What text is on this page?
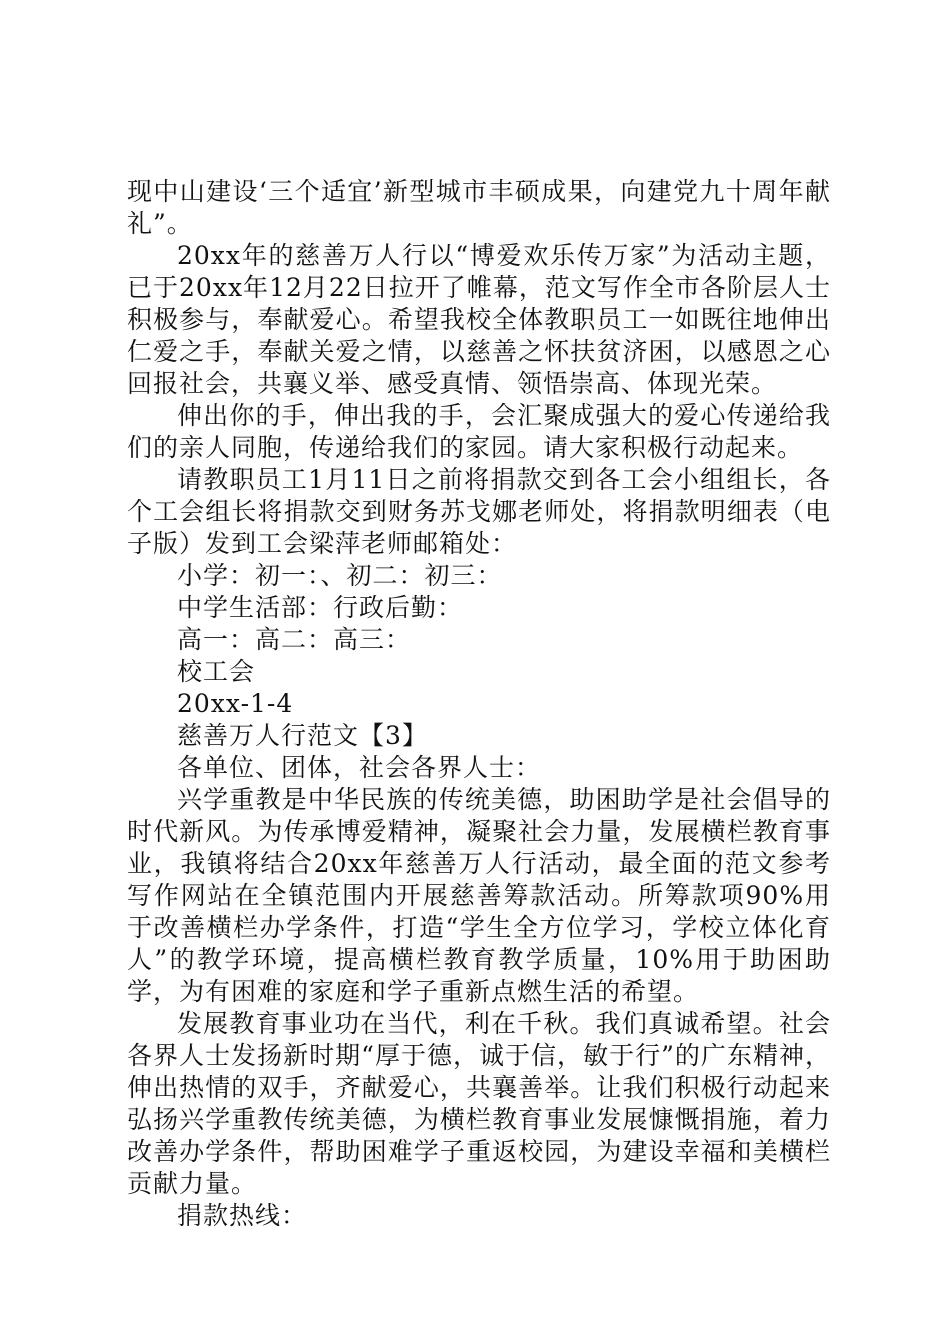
现中山建设‘三个适宜’新型城市丰硕成果，向建党九十周年献礼”。

20xx年的慈善万人行以“博爱欢乐传万家”为活动主题，已于20xx年12月22日拉开了帷幕，范文写作全市各阶层人士积极参与，奉献爱心。希望我校全体教职员工一如既往地伸出仁爱之手，奉献关爱之情，以慈善之怀扶贫济困，以感恩之心回报社会，共襄义举、感受真情、领悟崇高、体现光荣。

伸出你的手，伸出我的手，会汇聚成强大的爱心传递给我们的亲人同胞，传递给我们的家园。请大家积极行动起来。

请教职员工1月11日之前将捐款交到各工会小组组长，各个工会组长将捐款交到财务苏戈娜老师处，将捐款明细表（电子版）发到工会梁萍老师邮箱处：

小学：初一：、初二：初三：

中学生活部：行政后勤：

高一：高二：高三：

校工会

20xx-1-4

慈善万人行范文【3】

各单位、团体，社会各界人士：

兴学重教是中华民族的传统美德，助困助学是社会倡导的时代新风。为传承博爱精神，凝聚社会力量，发展横栏教育事业，我镇将结合20xx年慈善万人行活动，最全面的范文参考写作网站在全镇范围内开展慈善筹款活动。所筹款项90%用于改善横栏办学条件，打造“学生全方位学习，学校立体化育人”的教学环境，提高横栏教育教学质量，10%用于助困助学，为有困难的家庭和学子重新点燃生活的希望。

发展教育事业功在当代，利在千秋。我们真诚希望。社会各界人士发扬新时期“厚于德，诚于信，敏于行”的广东精神，伸出热情的双手，齐献爱心，共襄善举。让我们积极行动起来弘扬兴学重教传统美德，为横栏教育事业发展慷慨捐施，着力改善办学条件，帮助困难学子重返校园，为建设幸福和美横栏贡献力量。

捐款热线：
